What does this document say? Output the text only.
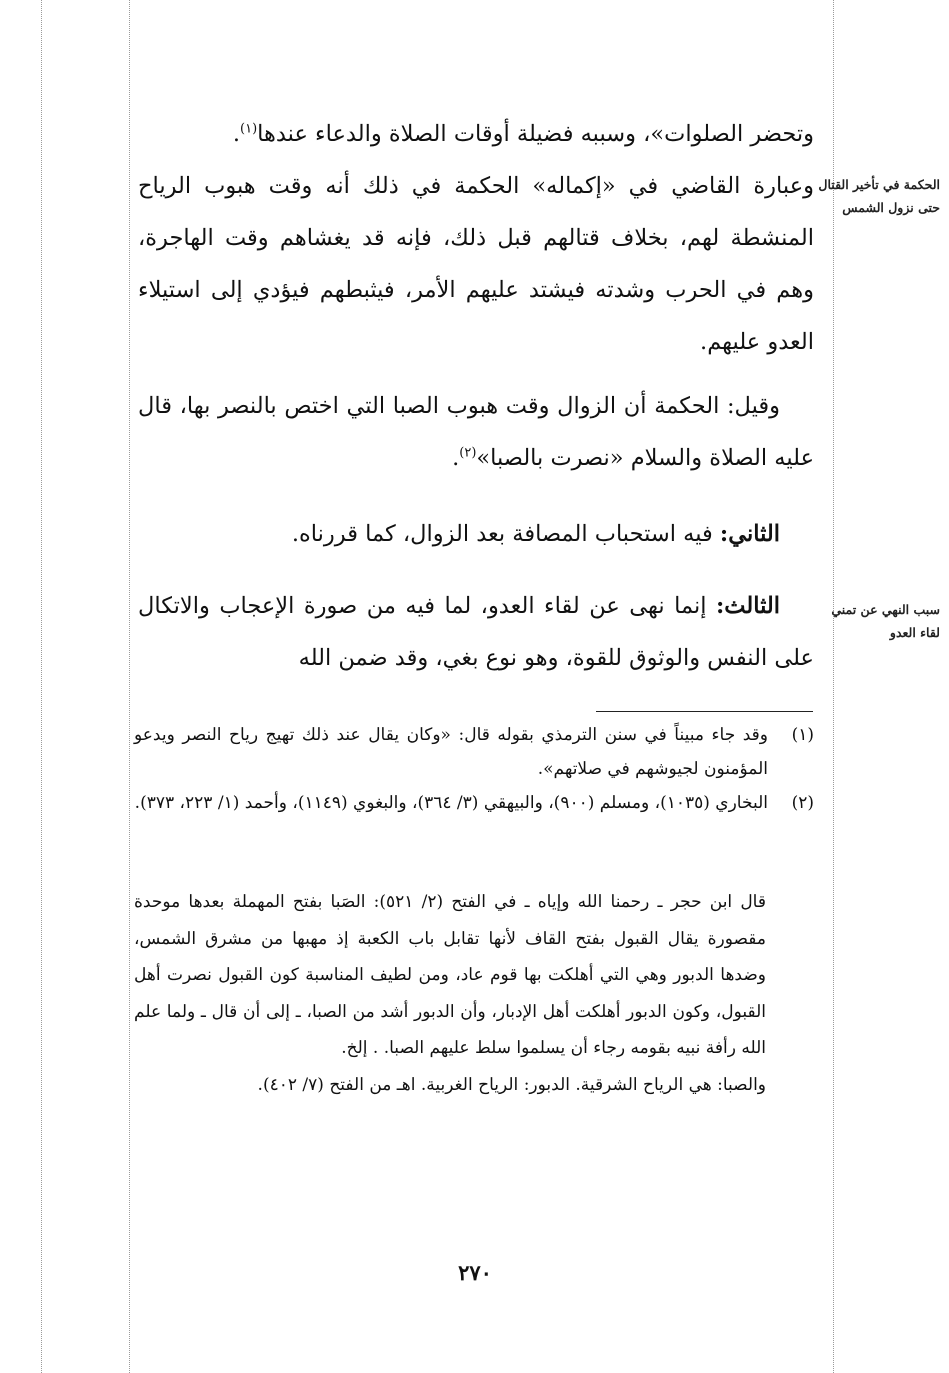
وتحضر الصلوات»، وسببه فضيلة أوقات الصلاة والدعاء عندها$^{(١)}$.

وعبارة القاضي في «إكماله» الحكمة في ذلك أنه وقت هبوب الرياح المنشطة لهم، بخلاف قتالهم قبل ذلك، فإنه قد يغشاهم وقت الهاجرة، وهم في الحرب وشدته فيشتد عليهم الأمر، فيثبطهم فيؤدي إلى استيلاء العدو عليهم.

وقيل: الحكمة أن الزوال وقت هبوب الصبا التي اختص بالنصر بها، قال عليه الصلاة والسلام «نصرت بالصبا»$^{(٢)}$.

الثاني: فيه استحباب المصافة بعد الزوال، كما قررناه.

الثالث: إنما نهى عن لقاء العدو، لما فيه من صورة الإعجاب والاتكال على النفس والوثوق للقوة، وهو نوع بغي، وقد ضمن الله

الحكمة في تأخير القتال حتى نزول الشمس
سبب النهي عن تمني لقاء العدو
(١)
وقد جاء مبيناً في سنن الترمذي بقوله قال: «وكان يقال عند ذلك تهيج رياح النصر ويدعو المؤمنون لجيوشهم في صلاتهم».
(٢)
البخاري (١٠٣٥)، ومسلم (٩٠٠)، والبيهقي (٣/ ٣٦٤)، والبغوي (١١٤٩)، وأحمد (١/ ٢٢٣، ٣٧٣).

قال ابن حجر ـ رحمنا الله وإياه ـ في الفتح (٢/ ٥٢١): الصَبا بفتح المهملة بعدها موحدة مقصورة يقال القبول بفتح القاف لأنها تقابل باب الكعبة إذ مهبها من مشرق الشمس، وضدها الدبور وهي التي أهلكت بها قوم عاد، ومن لطيف المناسبة كون القبول نصرت أهل القبول، وكون الدبور أهلكت أهل الإدبار، وأن الدبور أشد من الصبا، ـ إلى أن قال ـ ولما علم الله رأفة نبيه بقومه رجاء أن يسلموا سلط عليهم الصبا. . إلخ.

والصبا: هي الرياح الشرقية. الدبور: الرياح الغربية. اهـ من الفتح (٧/ ٤٠٢).

٢٧٠
